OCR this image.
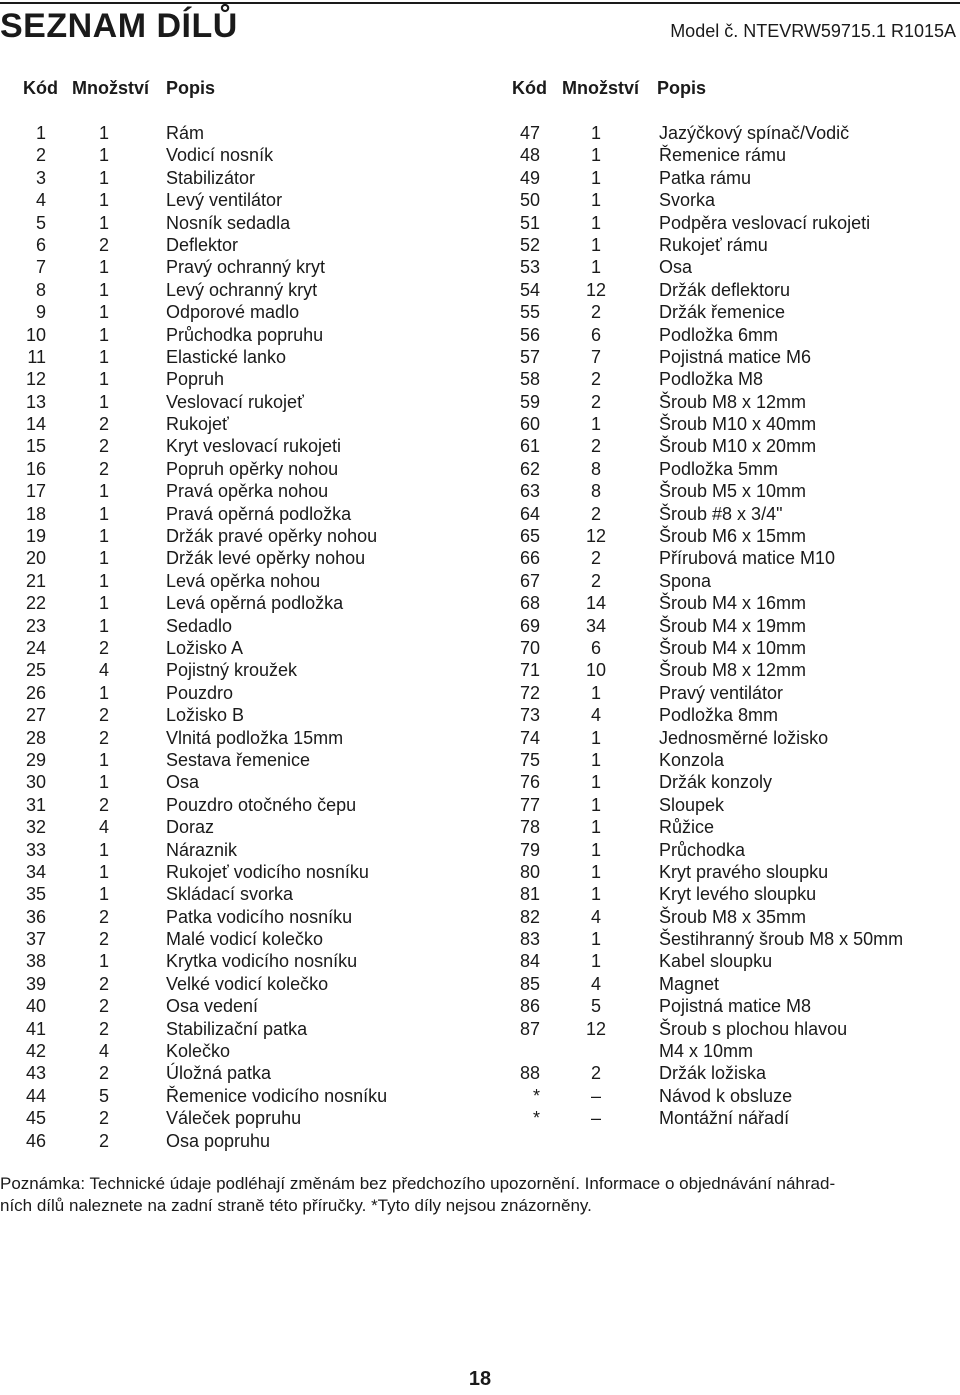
SEZNAM DÍLŮ	Model č. NTEVRW59715.1 R1015A
Kód Množství Popis	Kód Množství Popis
1	1	Rám
2	1	Vodicí nosník
3	1	Stabilizátor
4	1	Levý ventilátor
5	1	Nosník sedadla
6	2	Deflektor
7	1	Pravý ochranný kryt
8	1	Levý ochranný kryt
9	1	Odporové madlo
10	1	Průchodka popruhu
11	1	Elastické lanko
12	1	Popruh
13	1	Veslovací rukojeť
14	2	Rukojeť
15	2	Kryt veslovací rukojeti
16	2	Popruh opěrky nohou
17	1	Pravá opěrka nohou
18	1	Pravá opěrná podložka
19	1	Držák pravé opěrky nohou
20	1	Držák levé opěrky nohou
21	1	Levá opěrka nohou
22	1	Levá opěrná podložka
23	1	Sedadlo
24	2	Ložisko A
25	4	Pojistný kroužek
26	1	Pouzdro
27	2	Ložisko B
28	2	Vlnitá podložka 15mm
29	1	Sestava řemenice
30	1	Osa
31	2	Pouzdro otočného čepu
32	4	Doraz
33	1	Náraznik
34	1	Rukojeť vodicího nosníku
35	1	Skládací svorka
36	2	Patka vodicího nosníku
37	2	Malé vodicí kolečko
38	1	Krytka vodicího nosníku
39	2	Velké vodicí kolečko
40	2	Osa vedení
41	2	Stabilizační patka
42	4	Kolečko
43	2	Úložná patka
44	5	Řemenice vodicího nosníku
45	2	Váleček popruhu
46	2	Osa popruhu
47	1	Jazýčkový spínač/Vodič
48	1	Řemenice rámu
49	1	Patka rámu
50	1	Svorka
51	1	Podpěra veslovací rukojeti
52	1	Rukojeť rámu
53	1	Osa
54	12	Držák deflektoru
55	2	Držák řemenice
56	6	Podložka 6mm
57	7	Pojistná matice M6
58	2	Podložka M8
59	2	Šroub M8 x 12mm
60	1	Šroub M10 x 40mm
61	2	Šroub M10 x 20mm
62	8	Podložka 5mm
63	8	Šroub M5 x 10mm
64	2	Šroub #8 x 3/4"
65	12	Šroub M6 x 15mm
66	2	Přírubová matice M10
67	2	Spona
68	14	Šroub M4 x 16mm
69	34	Šroub M4 x 19mm
70	6	Šroub M4 x 10mm
71	10	Šroub M8 x 12mm
72	1	Pravý ventilátor
73	4	Podložka 8mm
74	1	Jednosměrné ložisko
75	1	Konzola
76	1	Držák konzoly
77	1	Sloupek
78	1	Růžice
79	1	Průchodka
80	1	Kryt pravého sloupku
81	1	Kryt levého sloupku
82	4	Šroub M8 x 35mm
83	1	Šestihranný šroub M8 x 50mm
84	1	Kabel sloupku
85	4	Magnet
86	5	Pojistná matice M8
87	12	Šroub s plochou hlavou
M4 x 10mm
88	2	Držák ložiska
*	–	Návod k obsluze
*	–	Montážní nářadí
Poznámka: Technické údaje podléhají změnám bez předchozího upozornění. Informace o objednávání náhrad-
ních dílů naleznete na zadní straně této příručky. *Tyto díly nejsou znázorněny.
18
